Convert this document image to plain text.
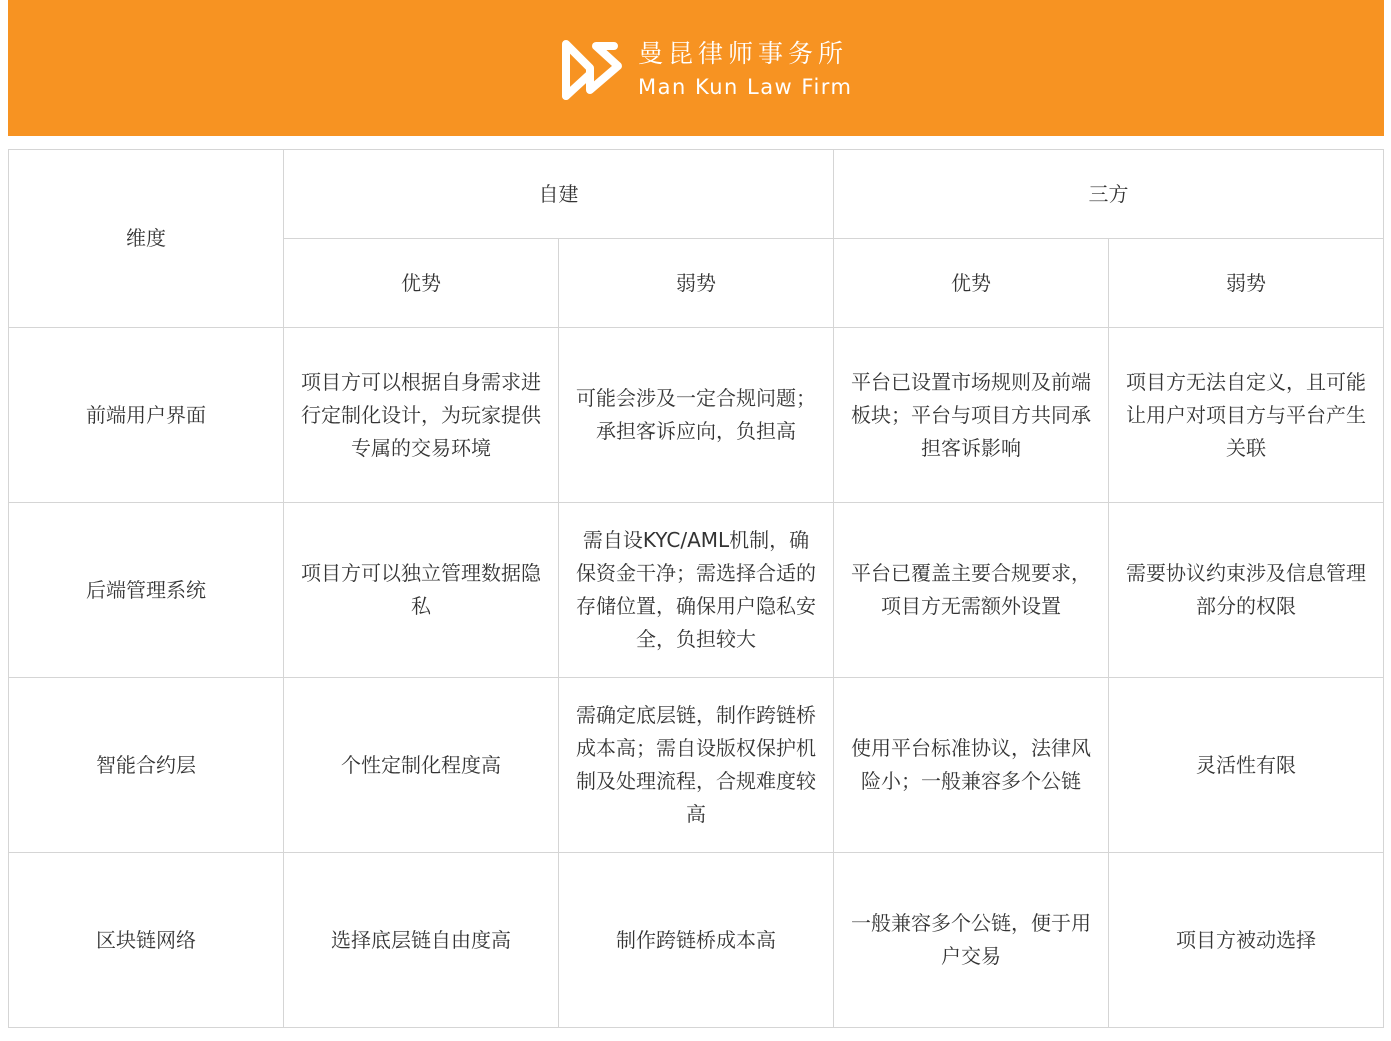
曼昆律师事务所
Man Kun Law Firm
维度	自建		三方	
	优势	弱势	优势	弱势
前端用户界面	项目方可以根据自身需求进行定制化设计，为玩家提供专属的交易环境	可能会涉及一定合规问题；承担客诉应向，负担高	平台已设置市场规则及前端板块；平台与项目方共同承担客诉影响	项目方无法自定义，且可能让用户对项目方与平台产生关联
后端管理系统	项目方可以独立管理数据隐私	需自设KYC/AML机制，确保资金干净；需选择合适的存储位置，确保用户隐私安全，负担较大	平台已覆盖主要合规要求，项目方无需额外设置	需要协议约束涉及信息管理部分的权限
智能合约层	个性定制化程度高	需确定底层链，制作跨链桥成本高；需自设版权保护机制及处理流程，合规难度较高	使用平台标准协议，法律风险小；一般兼容多个公链	灵活性有限
区块链网络	选择底层链自由度高	制作跨链桥成本高	一般兼容多个公链，便于用户交易	项目方被动选择
